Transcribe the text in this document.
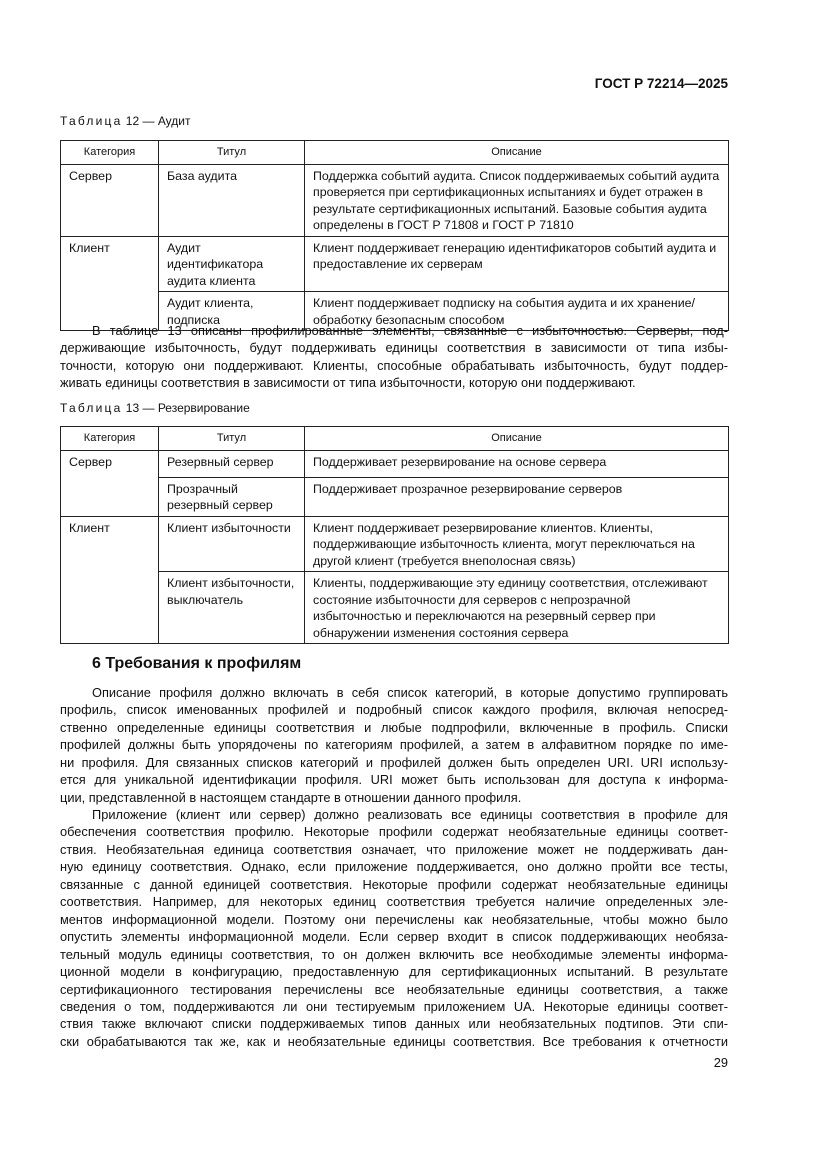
ГОСТ Р 72214—2025
Таблица 12 — Аудит
Категория	Титул	Описание
Сервер	База аудита	Поддержка событий аудита. Список поддерживаемых событий аудита проверяется при сертификационных испытаниях и будет отражен в результате сертификационных испытаний. Базовые события аудита определены в ГОСТ Р 71808 и ГОСТ Р 71810
Клиент	Аудит идентификатора аудита клиента	Клиент поддерживает генерацию идентификаторов событий аудита и предоставление их серверам
	Аудит клиента, подписка	Клиент поддерживает подписку на события аудита и их хранение/обработку безопасным способом
В таблице 13 описаны профилированные элементы, связанные с избыточностью. Серверы, под-
держивающие избыточность, будут поддерживать единицы соответствия в зависимости от типа избы-
точности, которую они поддерживают. Клиенты, способные обрабатывать избыточность, будут поддер-
живать единицы соответствия в зависимости от типа избыточности, которую они поддерживают.
Таблица 13 — Резервирование
Категория	Титул	Описание
Сервер	Резервный сервер	Поддерживает резервирование на основе сервера
	Прозрачный резервный сервер	Поддерживает прозрачное резервирование серверов
Клиент	Клиент избыточности	Клиент поддерживает резервирование клиентов. Клиенты, поддерживающие избыточность клиента, могут переключаться на другой клиент (требуется внеполосная связь)
	Клиент избыточности, выключатель	Клиенты, поддерживающие эту единицу соответствия, отслеживают состояние избыточности для серверов с непрозрачной избыточностью и переключаются на резервный сервер при обнаружении изменения состояния сервера
6 Требования к профилям
Описание профиля должно включать в себя список категорий, в которые допустимо группировать
профиль, список именованных профилей и подробный список каждого профиля, включая непосред-
ственно определенные единицы соответствия и любые подпрофили, включенные в профиль. Списки
профилей должны быть упорядочены по категориям профилей, а затем в алфавитном порядке по име-
ни профиля. Для связанных списков категорий и профилей должен быть определен URI. URI использу-
ется для уникальной идентификации профиля. URI может быть использован для доступа к информа-
ции, представленной в настоящем стандарте в отношении данного профиля.
Приложение (клиент или сервер) должно реализовать все единицы соответствия в профиле для
обеспечения соответствия профилю. Некоторые профили содержат необязательные единицы соответ-
ствия. Необязательная единица соответствия означает, что приложение может не поддерживать дан-
ную единицу соответствия. Однако, если приложение поддерживается, оно должно пройти все тесты,
связанные с данной единицей соответствия. Некоторые профили содержат необязательные единицы
соответствия. Например, для некоторых единиц соответствия требуется наличие определенных эле-
ментов информационной модели. Поэтому они перечислены как необязательные, чтобы можно было
опустить элементы информационной модели. Если сервер входит в список поддерживающих необяза-
тельный модуль единицы соответствия, то он должен включить все необходимые элементы информа-
ционной модели в конфигурацию, предоставленную для сертификационных испытаний. В результате
сертификационного тестирования перечислены все необязательные единицы соответствия, а также
сведения о том, поддерживаются ли они тестируемым приложением UA. Некоторые единицы соответ-
ствия также включают списки поддерживаемых типов данных или необязательных подтипов. Эти спи-
ски обрабатываются так же, как и необязательные единицы соответствия. Все требования к отчетности
29
